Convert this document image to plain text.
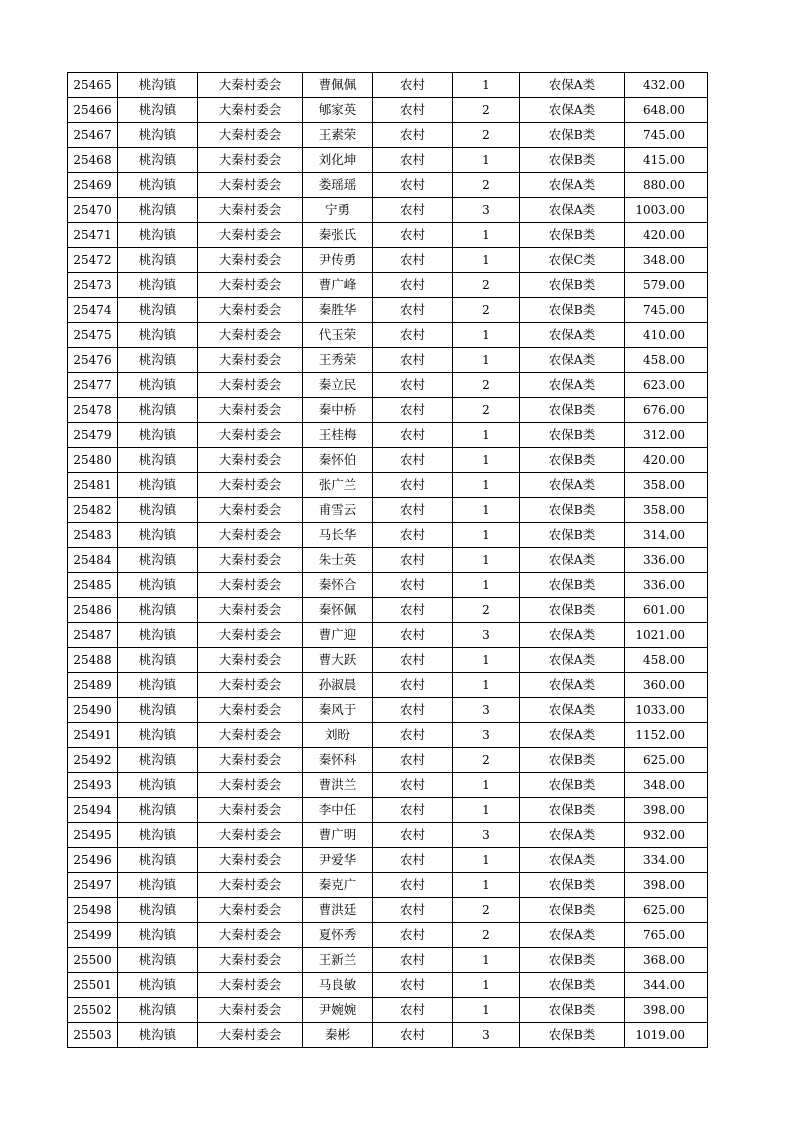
25465	桃沟镇	大秦村委会	曹佩佩	农村	1	农保A类	432.00
25466	桃沟镇	大秦村委会	郇家英	农村	2	农保A类	648.00
25467	桃沟镇	大秦村委会	王素荣	农村	2	农保B类	745.00
25468	桃沟镇	大秦村委会	刘化坤	农村	1	农保B类	415.00
25469	桃沟镇	大秦村委会	娄瑶瑶	农村	2	农保A类	880.00
25470	桃沟镇	大秦村委会	宁勇	农村	3	农保A类	1003.00
25471	桃沟镇	大秦村委会	秦张氏	农村	1	农保B类	420.00
25472	桃沟镇	大秦村委会	尹传勇	农村	1	农保C类	348.00
25473	桃沟镇	大秦村委会	曹广峰	农村	2	农保B类	579.00
25474	桃沟镇	大秦村委会	秦胜华	农村	2	农保B类	745.00
25475	桃沟镇	大秦村委会	代玉荣	农村	1	农保A类	410.00
25476	桃沟镇	大秦村委会	王秀荣	农村	1	农保A类	458.00
25477	桃沟镇	大秦村委会	秦立民	农村	2	农保A类	623.00
25478	桃沟镇	大秦村委会	秦中桥	农村	2	农保B类	676.00
25479	桃沟镇	大秦村委会	王桂梅	农村	1	农保B类	312.00
25480	桃沟镇	大秦村委会	秦怀伯	农村	1	农保B类	420.00
25481	桃沟镇	大秦村委会	张广兰	农村	1	农保A类	358.00
25482	桃沟镇	大秦村委会	甫雪云	农村	1	农保B类	358.00
25483	桃沟镇	大秦村委会	马长华	农村	1	农保B类	314.00
25484	桃沟镇	大秦村委会	朱士英	农村	1	农保A类	336.00
25485	桃沟镇	大秦村委会	秦怀合	农村	1	农保B类	336.00
25486	桃沟镇	大秦村委会	秦怀佩	农村	2	农保B类	601.00
25487	桃沟镇	大秦村委会	曹广迎	农村	3	农保A类	1021.00
25488	桃沟镇	大秦村委会	曹大跃	农村	1	农保A类	458.00
25489	桃沟镇	大秦村委会	孙淑晨	农村	1	农保A类	360.00
25490	桃沟镇	大秦村委会	秦风于	农村	3	农保A类	1033.00
25491	桃沟镇	大秦村委会	刘盼	农村	3	农保A类	1152.00
25492	桃沟镇	大秦村委会	秦怀科	农村	2	农保B类	625.00
25493	桃沟镇	大秦村委会	曹洪兰	农村	1	农保B类	348.00
25494	桃沟镇	大秦村委会	李中任	农村	1	农保B类	398.00
25495	桃沟镇	大秦村委会	曹广明	农村	3	农保A类	932.00
25496	桃沟镇	大秦村委会	尹爱华	农村	1	农保A类	334.00
25497	桃沟镇	大秦村委会	秦克广	农村	1	农保B类	398.00
25498	桃沟镇	大秦村委会	曹洪廷	农村	2	农保B类	625.00
25499	桃沟镇	大秦村委会	夏怀秀	农村	2	农保A类	765.00
25500	桃沟镇	大秦村委会	王新兰	农村	1	农保B类	368.00
25501	桃沟镇	大秦村委会	马良敏	农村	1	农保B类	344.00
25502	桃沟镇	大秦村委会	尹婉婉	农村	1	农保B类	398.00
25503	桃沟镇	大秦村委会	秦彬	农村	3	农保B类	1019.00
